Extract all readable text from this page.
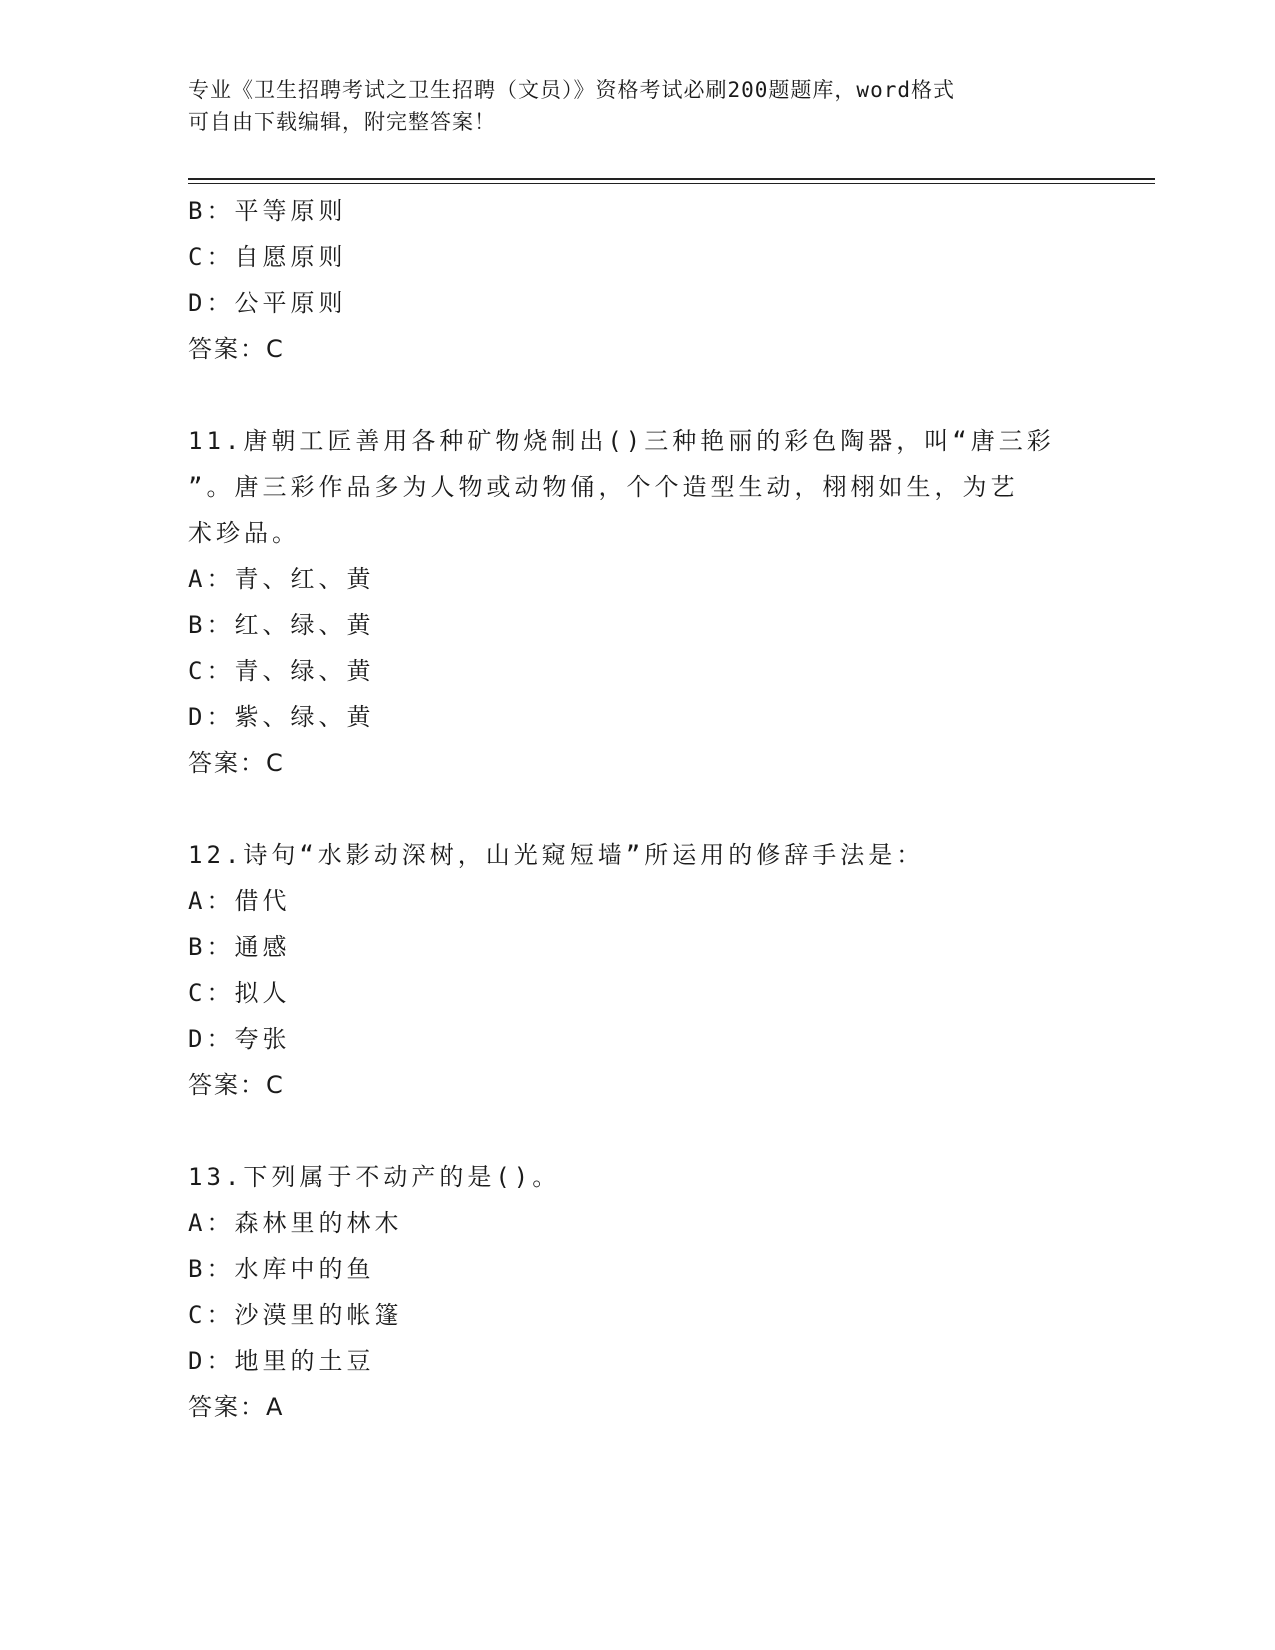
专业《卫生招聘考试之卫生招聘（文员）》资格考试必刷200题题库，word格式
可自由下载编辑，附完整答案！
B：平等原则
C：自愿原则
D：公平原则
答案：C
11.唐朝工匠善用各种矿物烧制出()三种艳丽的彩色陶器，叫“唐三彩
”。唐三彩作品多为人物或动物俑，个个造型生动，栩栩如生，为艺
术珍品。
A：青、红、黄
B：红、绿、黄
C：青、绿、黄
D：紫、绿、黄
答案：C
12.诗句“水影动深树，山光窥短墙”所运用的修辞手法是：
A：借代
B：通感
C：拟人
D：夸张
答案：C
13.下列属于不动产的是()。
A：森林里的林木
B：水库中的鱼
C：沙漠里的帐篷
D：地里的土豆
答案：A
